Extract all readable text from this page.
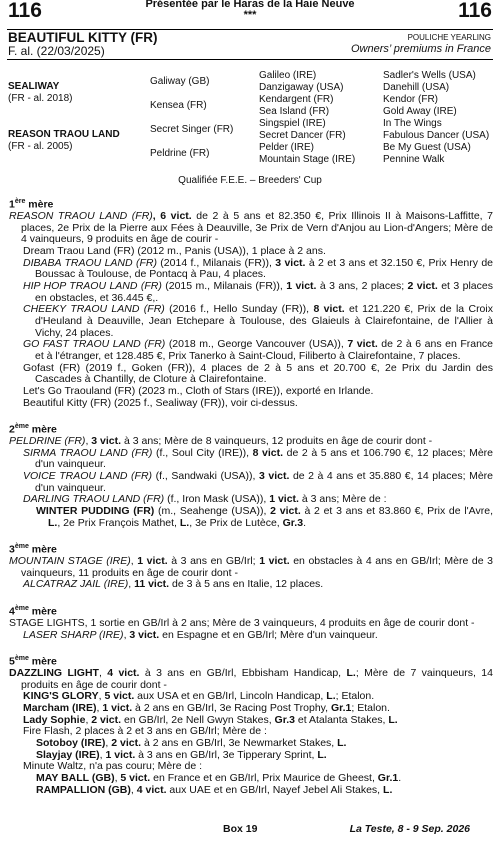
116	Présentée par le Haras de la Haie Neuve
***	116
BEAUTIFUL KITTY (FR)
F. al. (22/03/2025)
POULICHE YEARLING
Owners’ premiums in France
SEALIWAY
(FR - al. 2018)
REASON TRAOU LAND
(FR - al. 2005)
Galiway (GB)
Kensea (FR)
Secret Singer (FR)
Peldrine (FR)
Galileo (IRE)
Danzigaway (USA)
Kendargent (FR)
Sea Island (FR)
Singspiel (IRE)
Secret Dancer (FR)
Pelder (IRE)
Mountain Stage (IRE)
Sadler's Wells (USA)
Danehill (USA)
Kendor (FR)
Gold Away (IRE)
In The Wings
Fabulous Dancer (USA)
Be My Guest (USA)
Pennine Walk
Qualifiée F.E.E. – Breeders' Cup

1ère mère

REASON TRAOU LAND (FR), 6 vict. de 2 à 5 ans et 82.350 €, Prix Illinois II à Maisons-Laffitte, 7 places, 2e Prix de la Pierre aux Fées à Deauville, 3e Prix de Vern d'Anjou au Lion-d'Angers; Mère de 4 vainqueurs, 9 produits en âge de courir -

Dream Traou Land (FR) (2012 m., Panis (USA)), 1 place à 2 ans.

DIBABA TRAOU LAND (FR) (2014 f., Milanais (FR)), 3 vict. à 2 et 3 ans et 32.150 €, Prix Henry de Boussac à Toulouse, de Pontacq à Pau, 4 places.

HIP HOP TRAOU LAND (FR) (2015 m., Milanais (FR)), 1 vict. à 3 ans, 2 places; 2 vict. et 3 places en obstacles, et 36.445 €,.

CHEEKY TRAOU LAND (FR) (2016 f., Hello Sunday (FR)), 8 vict. et 121.220 €, Prix de la Croix d'Heuland à Deauville, Jean Etchepare à Toulouse, des Glaieuls à Clairefontaine, de l'Allier à Vichy, 24 places.

GO FAST TRAOU LAND (FR) (2018 m., George Vancouver (USA)), 7 vict. de 2 à 6 ans en France et à l'étranger, et 128.485 €, Prix Tanerko à Saint-Cloud, Filiberto à Clairefontaine, 7 places.

Gofast (FR) (2019 f., Goken (FR)), 4 places de 2 à 5 ans et 20.700 €, 2e Prix du Jardin des Cascades à Chantilly, de Cloture à Clairefontaine.

Let's Go Traouland (FR) (2023 m., Cloth of Stars (IRE)), exporté en Irlande.

Beautiful Kitty (FR) (2025 f., Sealiway (FR)), voir ci-dessus.

2ème mère

PELDRINE (FR), 3 vict. à 3 ans; Mère de 8 vainqueurs, 12 produits en âge de courir dont -

SIRMA TRAOU LAND (FR) (f., Soul City (IRE)), 8 vict. de 2 à 5 ans et 106.790 €, 12 places; Mère d'un vainqueur.

VOICE TRAOU LAND (FR) (f., Sandwaki (USA)), 3 vict. de 2 à 4 ans et 35.880 €, 14 places; Mère d'un vainqueur.

DARLING TRAOU LAND (FR) (f., Iron Mask (USA)), 1 vict. à 3 ans; Mère de :

WINTER PUDDING (FR) (m., Seahenge (USA)), 2 vict. à 2 et 3 ans et 83.860 €, Prix de l'Avre, L., 2e Prix François Mathet, L., 3e Prix de Lutèce, Gr.3.

3ème mère

MOUNTAIN STAGE (IRE), 1 vict. à 3 ans en GB/Irl; 1 vict. en obstacles à 4 ans en GB/Irl; Mère de 3 vainqueurs, 11 produits en âge de courir dont -

ALCATRAZ JAIL (IRE), 11 vict. de 3 à 5 ans en Italie, 12 places.

4ème mère

STAGE LIGHTS, 1 sortie en GB/Irl à 2 ans; Mère de 3 vainqueurs, 4 produits en âge de courir dont -

LASER SHARP (IRE), 3 vict. en Espagne et en GB/Irl; Mère d'un vainqueur.

5ème mère

DAZZLING LIGHT, 4 vict. à 3 ans en GB/Irl, Ebbisham Handicap, L.; Mère de 7 vainqueurs, 14 produits en âge de courir dont -

KING'S GLORY, 5 vict. aux USA et en GB/Irl, Lincoln Handicap, L.; Etalon.

Marcham (IRE), 1 vict. à 2 ans en GB/Irl, 3e Racing Post Trophy, Gr.1; Etalon.

Lady Sophie, 2 vict. en GB/Irl, 2e Nell Gwyn Stakes, Gr.3 et Atalanta Stakes, L.

Fire Flash, 2 places à 2 et 3 ans en GB/Irl; Mère de :

Sotoboy (IRE), 2 vict. à 2 ans en GB/Irl, 3e Newmarket Stakes, L.

Slayjay (IRE), 1 vict. à 3 ans en GB/Irl, 3e Tipperary Sprint, L.

Minute Waltz, n'a pas couru; Mère de :

MAY BALL (GB), 5 vict. en France et en GB/Irl, Prix Maurice de Gheest, Gr.1.

RAMPALLION (GB), 4 vict. aux UAE et en GB/Irl, Nayef Jebel Ali Stakes, L.

Box 19	La Teste, 8 - 9 Sep. 2026
